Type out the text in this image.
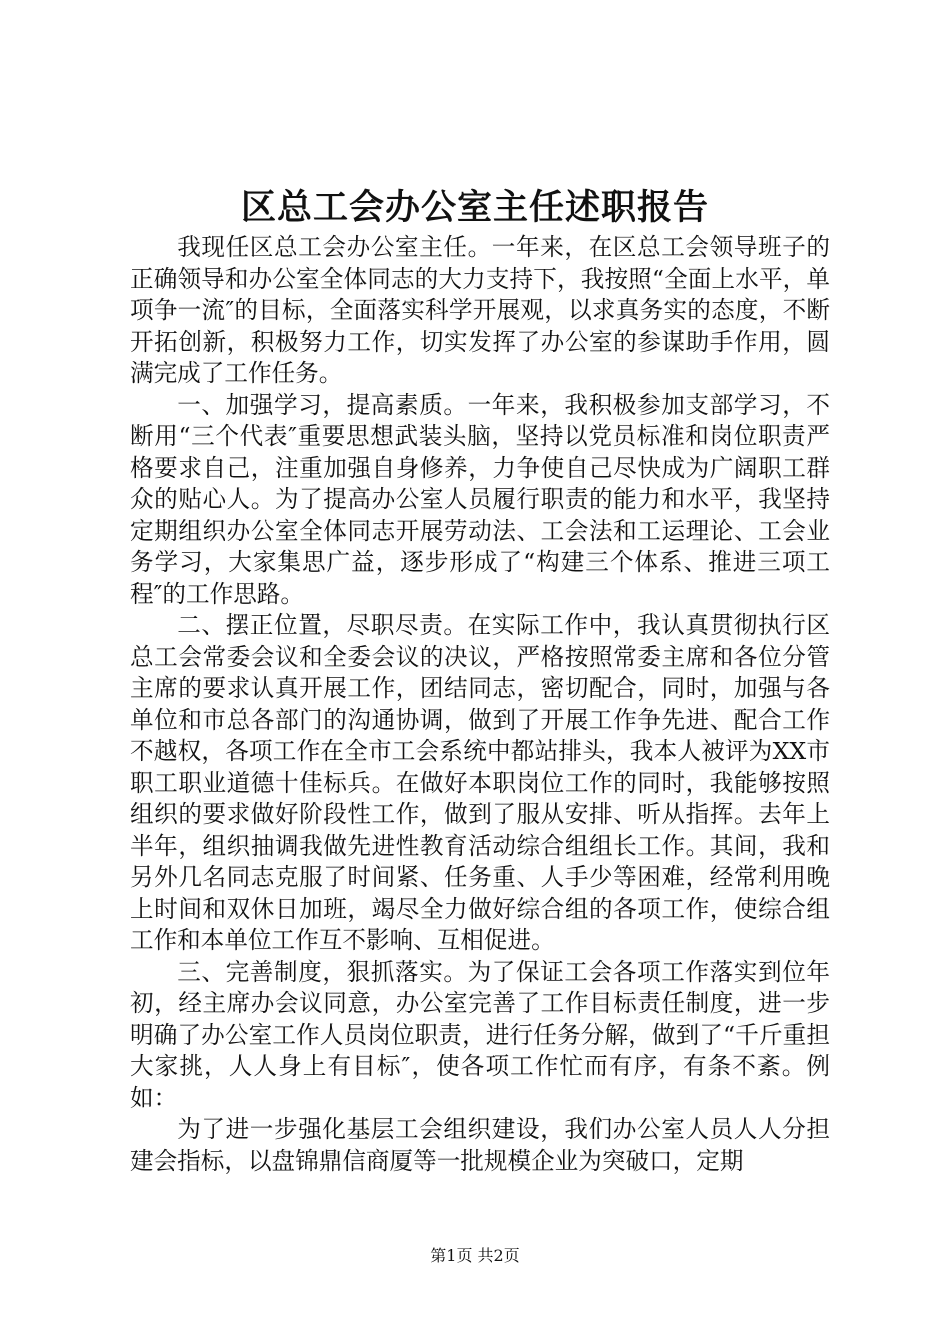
区总工会办公室主任述职报告

我现任区总工会办公室主任。一年来，在区总工会领导班子的正确领导和办公室全体同志的大力支持下，我按照“全面上水平，单项争一流″的目标，全面落实科学开展观，以求真务实的态度，不断开拓创新，积极努力工作，切实发挥了办公室的参谋助手作用，圆满完成了工作任务。

一、加强学习，提高素质。一年来，我积极参加支部学习，不断用“三个代表″重要思想武装头脑，坚持以党员标准和岗位职责严格要求自己，注重加强自身修养，力争使自己尽快成为广阔职工群众的贴心人。为了提高办公室人员履行职责的能力和水平，我坚持定期组织办公室全体同志开展劳动法、工会法和工运理论、工会业务学习，大家集思广益，逐步形成了“构建三个体系、推进三项工程″的工作思路。

二、摆正位置，尽职尽责。在实际工作中，我认真贯彻执行区总工会常委会议和全委会议的决议，严格按照常委主席和各位分管主席的要求认真开展工作，团结同志，密切配合，同时，加强与各单位和市总各部门的沟通协调，做到了开展工作争先进、配合工作不越权，各项工作在全市工会系统中都站排头，我本人被评为XX市职工职业道德十佳标兵。在做好本职岗位工作的同时，我能够按照组织的要求做好阶段性工作，做到了服从安排、听从指挥。去年上半年，组织抽调我做先进性教育活动综合组组长工作。其间，我和另外几名同志克服了时间紧、任务重、人手少等困难，经常利用晚上时间和双休日加班，竭尽全力做好综合组的各项工作，使综合组工作和本单位工作互不影响、互相促进。

三、完善制度，狠抓落实。为了保证工会各项工作落实到位年初，经主席办会议同意，办公室完善了工作目标责任制度，进一步明确了办公室工作人员岗位职责，进行任务分解，做到了“千斤重担大家挑，人人身上有目标″，使各项工作忙而有序，有条不紊。例如：

为了进一步强化基层工会组织建设，我们办公室人员人人分担建会指标，以盘锦鼎信商厦等一批规模企业为突破口，定期

第1页 共2页
